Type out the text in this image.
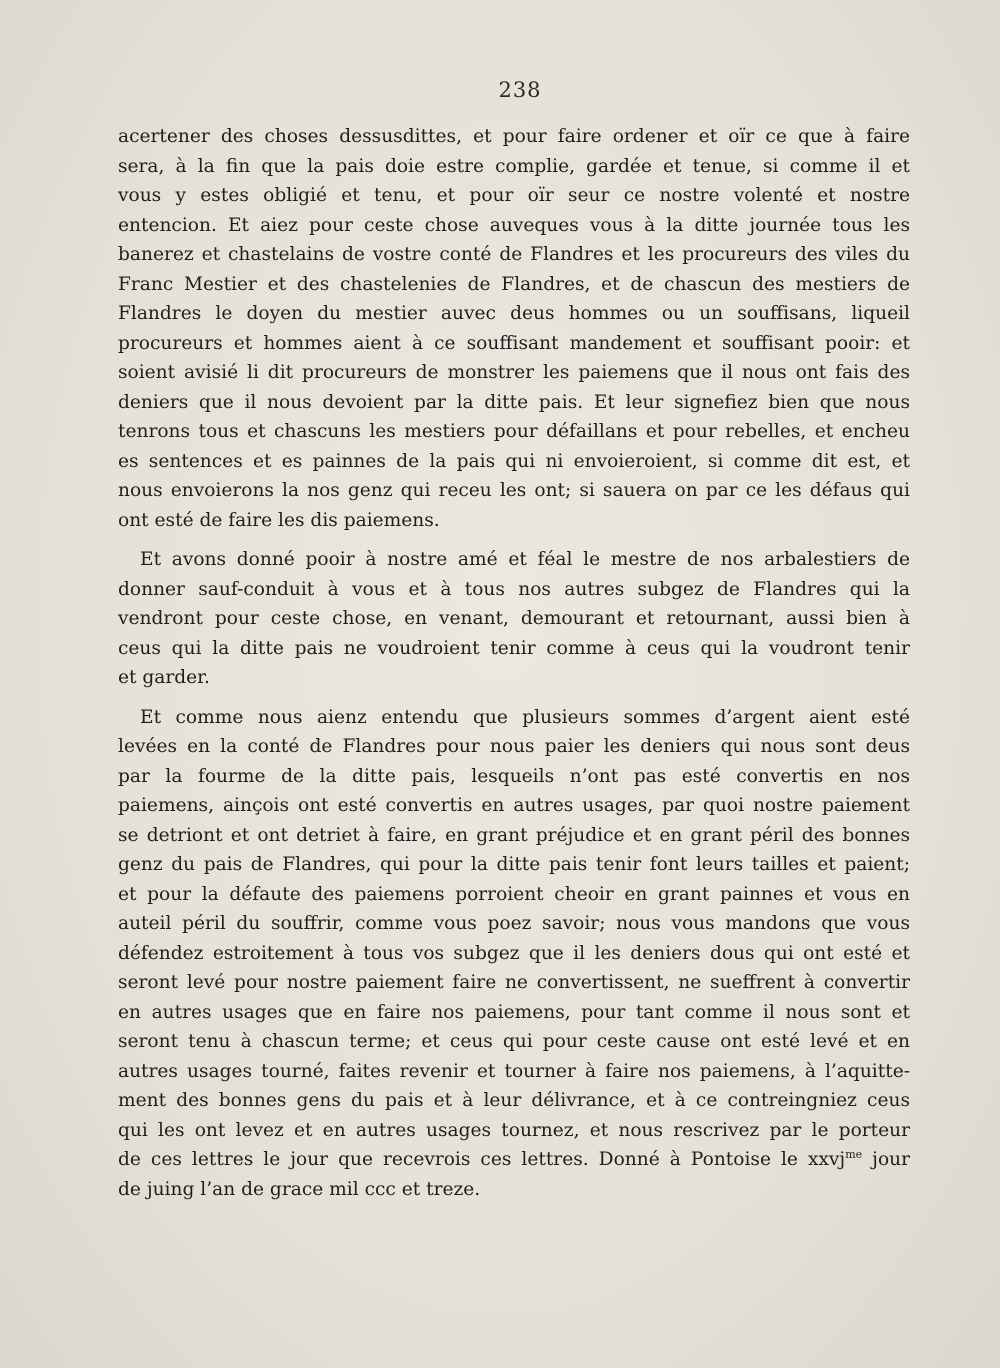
238
acertener des choses dessusdittes, et pour faire ordener et oïr ce que à faire
sera, à la fin que la pais doie estre complie, gardée et tenue, si comme il et
vous y estes obligié et tenu, et pour oïr seur ce nostre volenté et nostre
entencion. Et aiez pour ceste chose auveques vous à la ditte journée tous les
banerez et chastelains de vostre conté de Flandres et les procureurs des viles du
Franc Mestier et des chastelenies de Flandres, et de chascun des mestiers de
Flandres le doyen du mestier auvec deus hommes ou un souffisans, liqueil
procureurs et hommes aient à ce souffisant mandement et souffisant pooir: et
soient avisié li dit procureurs de monstrer les paiemens que il nous ont fais des
deniers que il nous devoient par la ditte pais. Et leur signefiez bien que nous
tenrons tous et chascuns les mestiers pour défaillans et pour rebelles, et encheu
es sentences et es painnes de la pais qui ni envoieroient, si comme dit est, et
nous envoierons la nos genz qui receu les ont; si sauera on par ce les défaus qui
ont esté de faire les dis paiemens.
Et avons donné pooir à nostre amé et féal le mestre de nos arbalestiers de
donner sauf-conduit à vous et à tous nos autres subgez de Flandres qui la
vendront pour ceste chose, en venant, demourant et retournant, aussi bien à
ceus qui la ditte pais ne voudroient tenir comme à ceus qui la voudront tenir
et garder.
Et comme nous aienz entendu que plusieurs sommes d’argent aient esté
levées en la conté de Flandres pour nous paier les deniers qui nous sont deus
par la fourme de la ditte pais, lesqueils n’ont pas esté convertis en nos
paiemens, ainçois ont esté convertis en autres usages, par quoi nostre paiement
se detriont et ont detriet à faire, en grant préjudice et en grant péril des bonnes
genz du pais de Flandres, qui pour la ditte pais tenir font leurs tailles et paient;
et pour la défaute des paiemens porroient cheoir en grant painnes et vous en
auteil péril du souffrir, comme vous poez savoir; nous vous mandons que vous
défendez estroitement à tous vos subgez que il les deniers dous qui ont esté et
seront levé pour nostre paiement faire ne convertissent, ne sueffrent à convertir
en autres usages que en faire nos paiemens, pour tant comme il nous sont et
seront tenu à chascun terme; et ceus qui pour ceste cause ont esté levé et en
autres usages tourné, faites revenir et tourner à faire nos paiemens, à l’aquitte-
ment des bonnes gens du pais et à leur délivrance, et à ce contreingniez ceus
qui les ont levez et en autres usages tournez, et nous rescrivez par le porteur
de ces lettres le jour que recevrois ces lettres. Donné à Pontoise le xxvj$^{me}$ jour
de juing l’an de grace mil ccc et treze.
